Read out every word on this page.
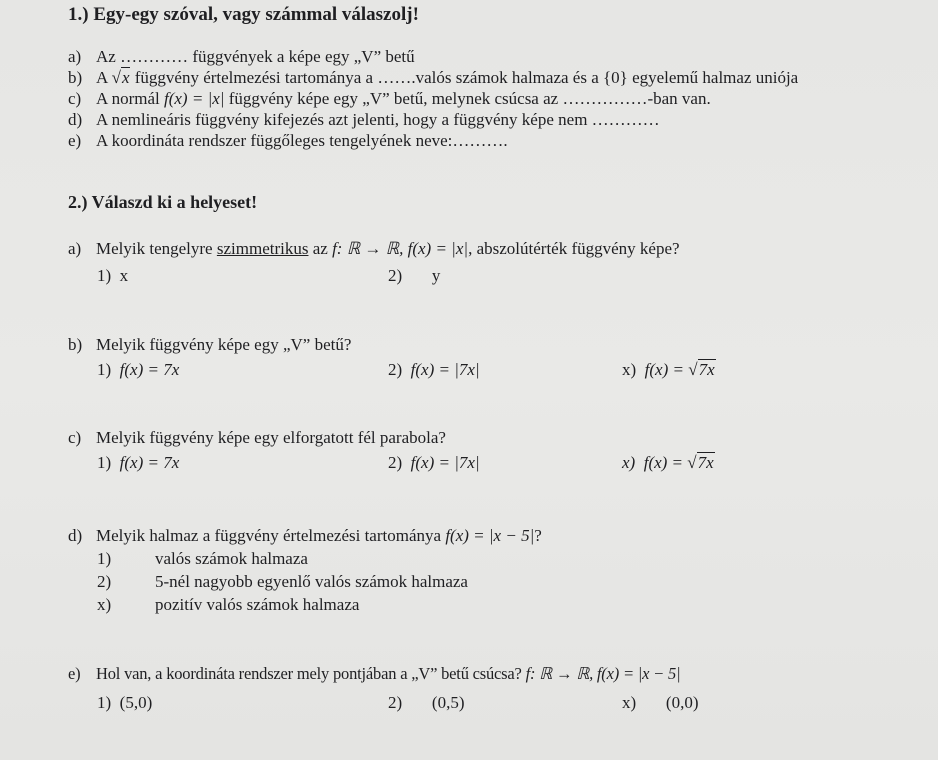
1.) Egy-egy szóval, vagy számmal válaszolj!
a) Az ………… függvények a képe egy „V” betű
b) A √x függvény értelmezési tartománya a …….valós számok halmaza és a {0} egyelemű halmaz uniója
c) A normál f(x) = |x| függvény képe egy „V” betű, melynek csúcsa az ……………-ban van.
d) A nemlineáris függvény kifejezés azt jelenti, hogy a függvény képe nem …………
e) A koordináta rendszer függőleges tengelyének neve:……….
2.) Válaszd ki a helyeset!
a) Melyik tengelyre szimmetrikus az f: ℝ → ℝ, f(x) = |x|, abszolútérték függvény képe?
1) x	2) y
b) Melyik függvény képe egy „V” betű?
1) f(x) = 7x	2) f(x) = |7x|	x) f(x) = √7x
c) Melyik függvény képe egy elforgatott fél parabola?
1) f(x) = 7x	2) f(x) = |7x|	x) f(x) = √7x
d) Melyik halmaz a függvény értelmezési tartománya f(x) = |x − 5|?
1)	valós számok halmaza
2)	5-nél nagyobb egyenlő valós számok halmaza
x)	pozitív valós számok halmaza
e) Hol van, a koordináta rendszer mely pontjában a „V” betű csúcsa? f: ℝ → ℝ, f(x) = |x − 5|
1) (5,0)	2) (0,5)	x) (0,0)
